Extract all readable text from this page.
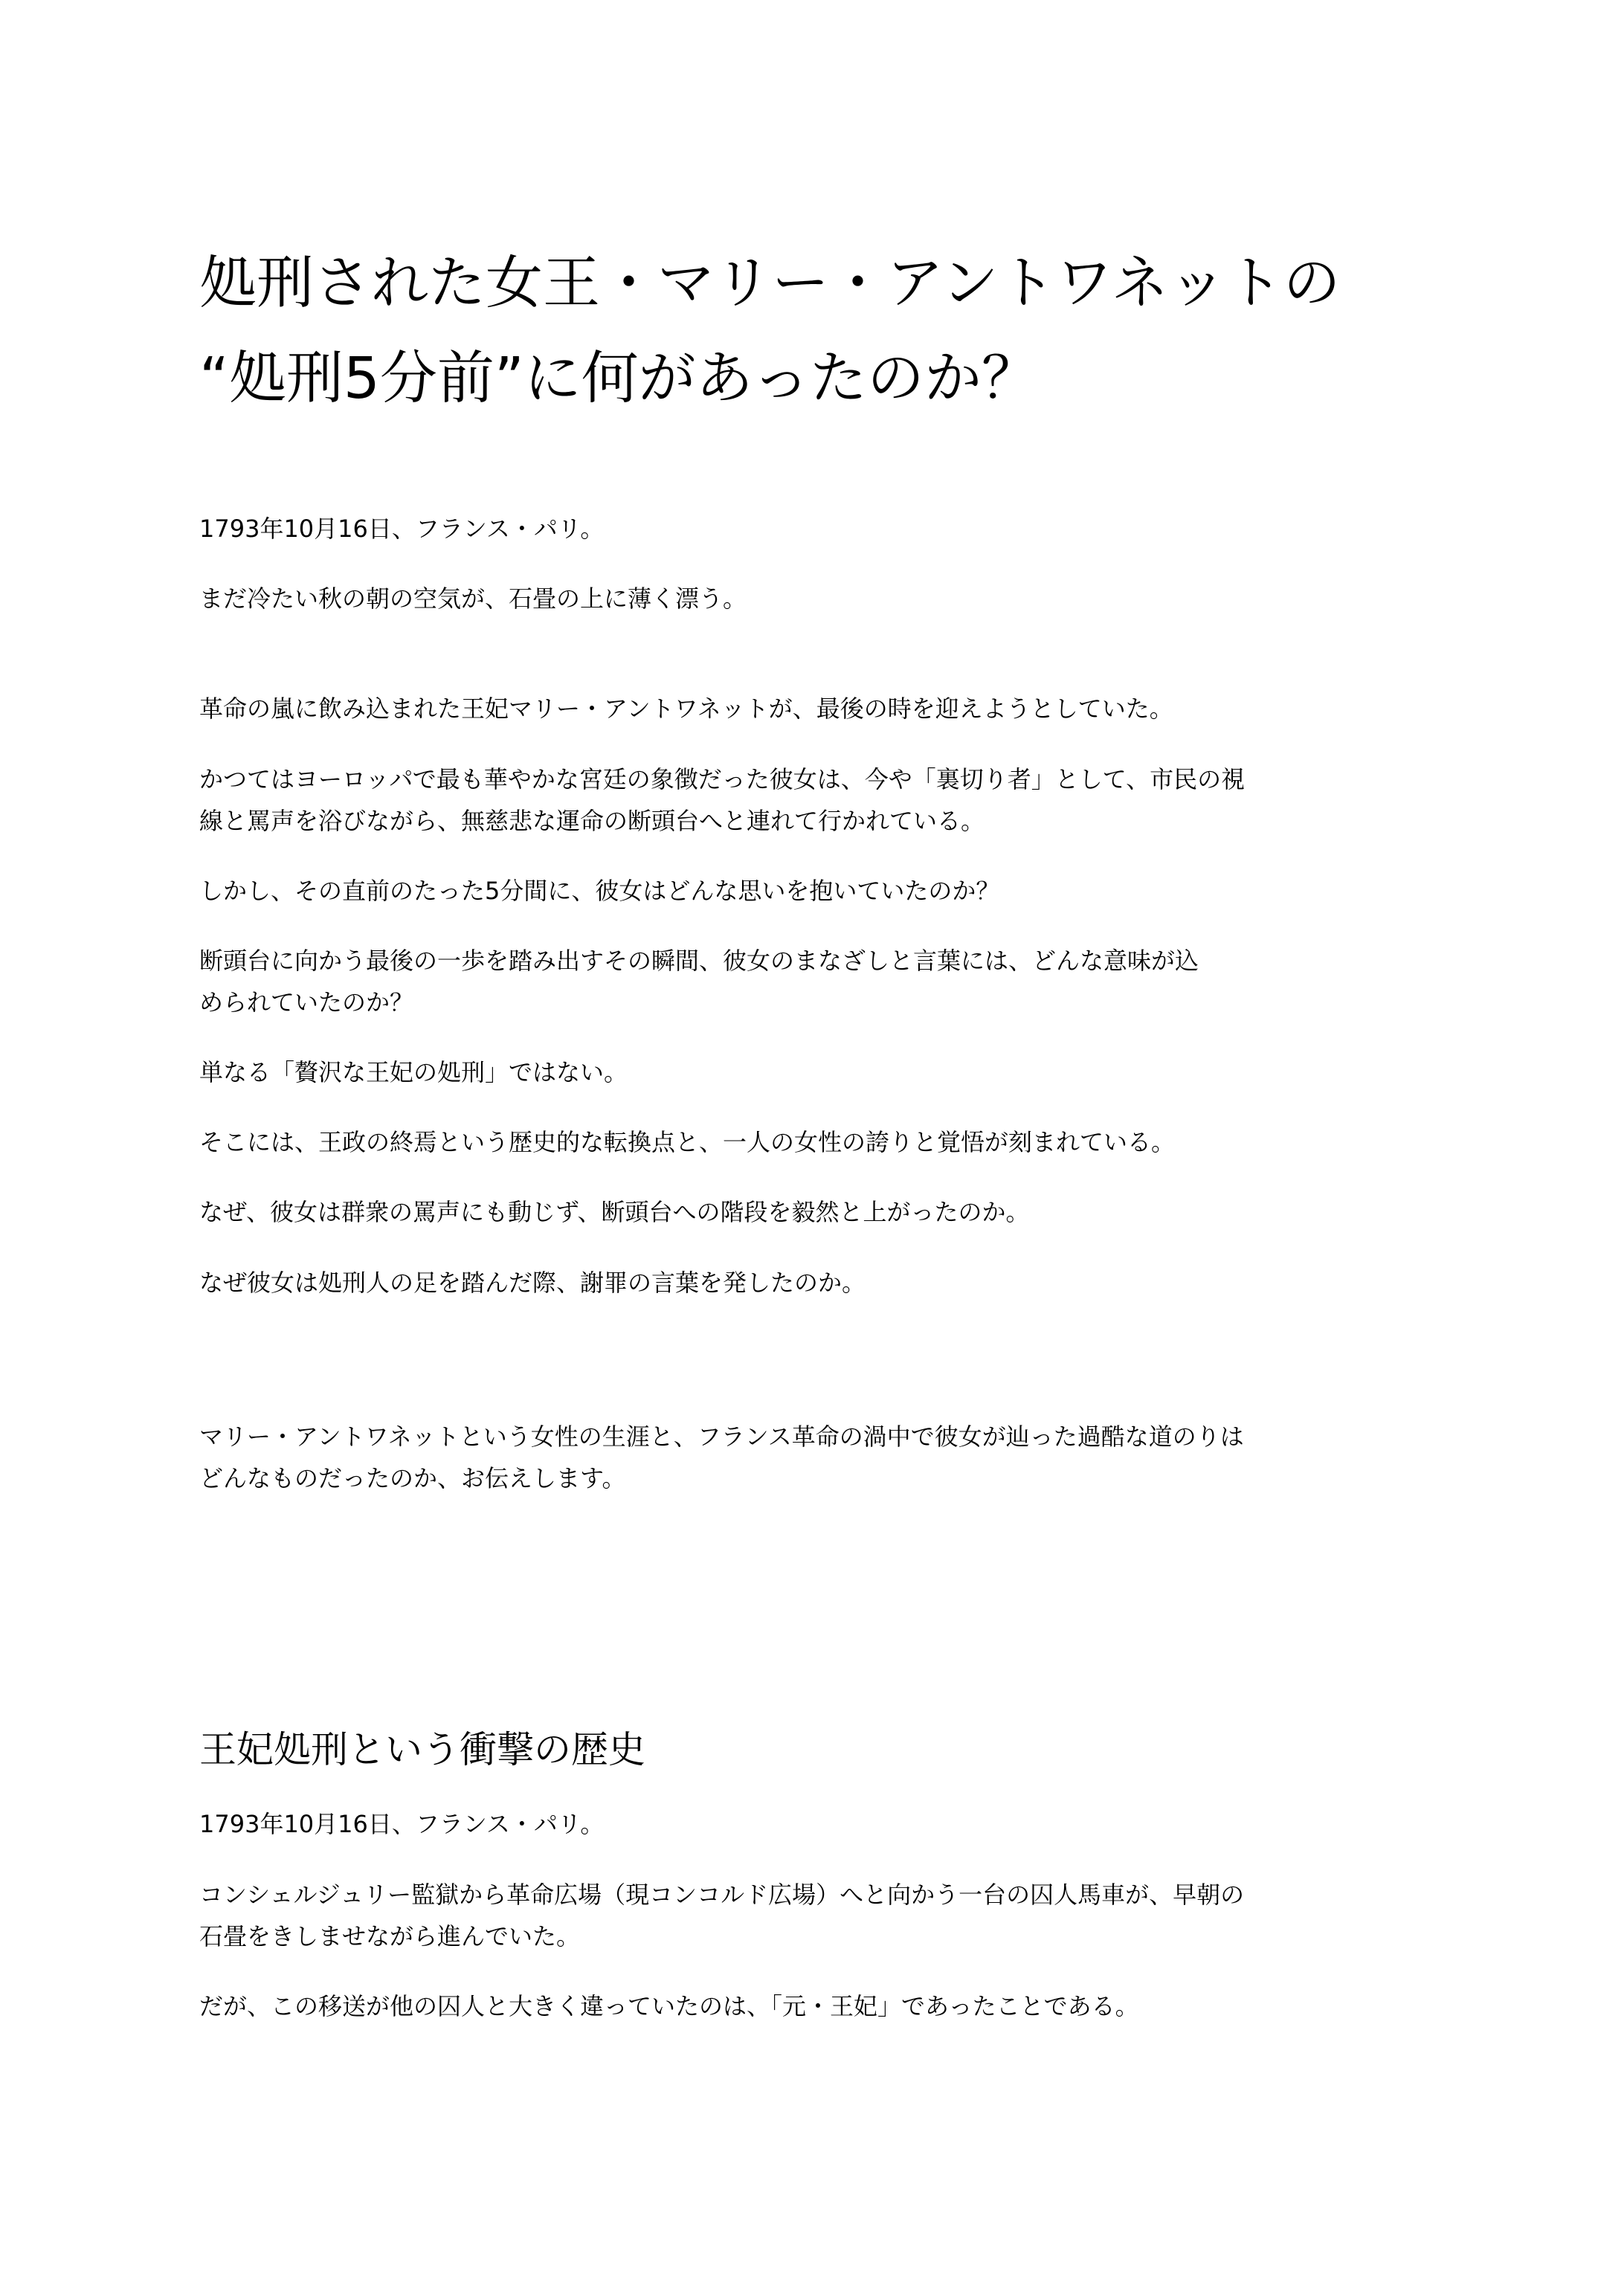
処刑された女王・マリー・アントワネットの
“処刑5分前”に何があったのか？

1793年10月16日、フランス・パリ。

まだ冷たい秋の朝の空気が、石畳の上に薄く漂う。

革命の嵐に飲み込まれた王妃マリー・アントワネットが、最後の時を迎えようとしていた。

かつてはヨーロッパで最も華やかな宮廷の象徴だった彼女は、今や「裏切り者」として、市民の視
線と罵声を浴びながら、無慈悲な運命の断頭台へと連れて行かれている。

しかし、その直前のたった5分間に、彼女はどんな思いを抱いていたのか？

断頭台に向かう最後の一歩を踏み出すその瞬間、彼女のまなざしと言葉には、どんな意味が込
められていたのか？

単なる「贅沢な王妃の処刑」ではない。

そこには、王政の終焉という歴史的な転換点と、一人の女性の誇りと覚悟が刻まれている。

なぜ、彼女は群衆の罵声にも動じず、断頭台への階段を毅然と上がったのか。

なぜ彼女は処刑人の足を踏んだ際、謝罪の言葉を発したのか。

マリー・アントワネットという女性の生涯と、フランス革命の渦中で彼女が辿った過酷な道のりは
どんなものだったのか、お伝えします。

王妃処刑という衝撃の歴史

1793年10月16日、フランス・パリ。

コンシェルジュリー監獄から革命広場（現コンコルド広場）へと向かう一台の囚人馬車が、早朝の
石畳をきしませながら進んでいた。

だが、この移送が他の囚人と大きく違っていたのは、「元・王妃」であったことである。
